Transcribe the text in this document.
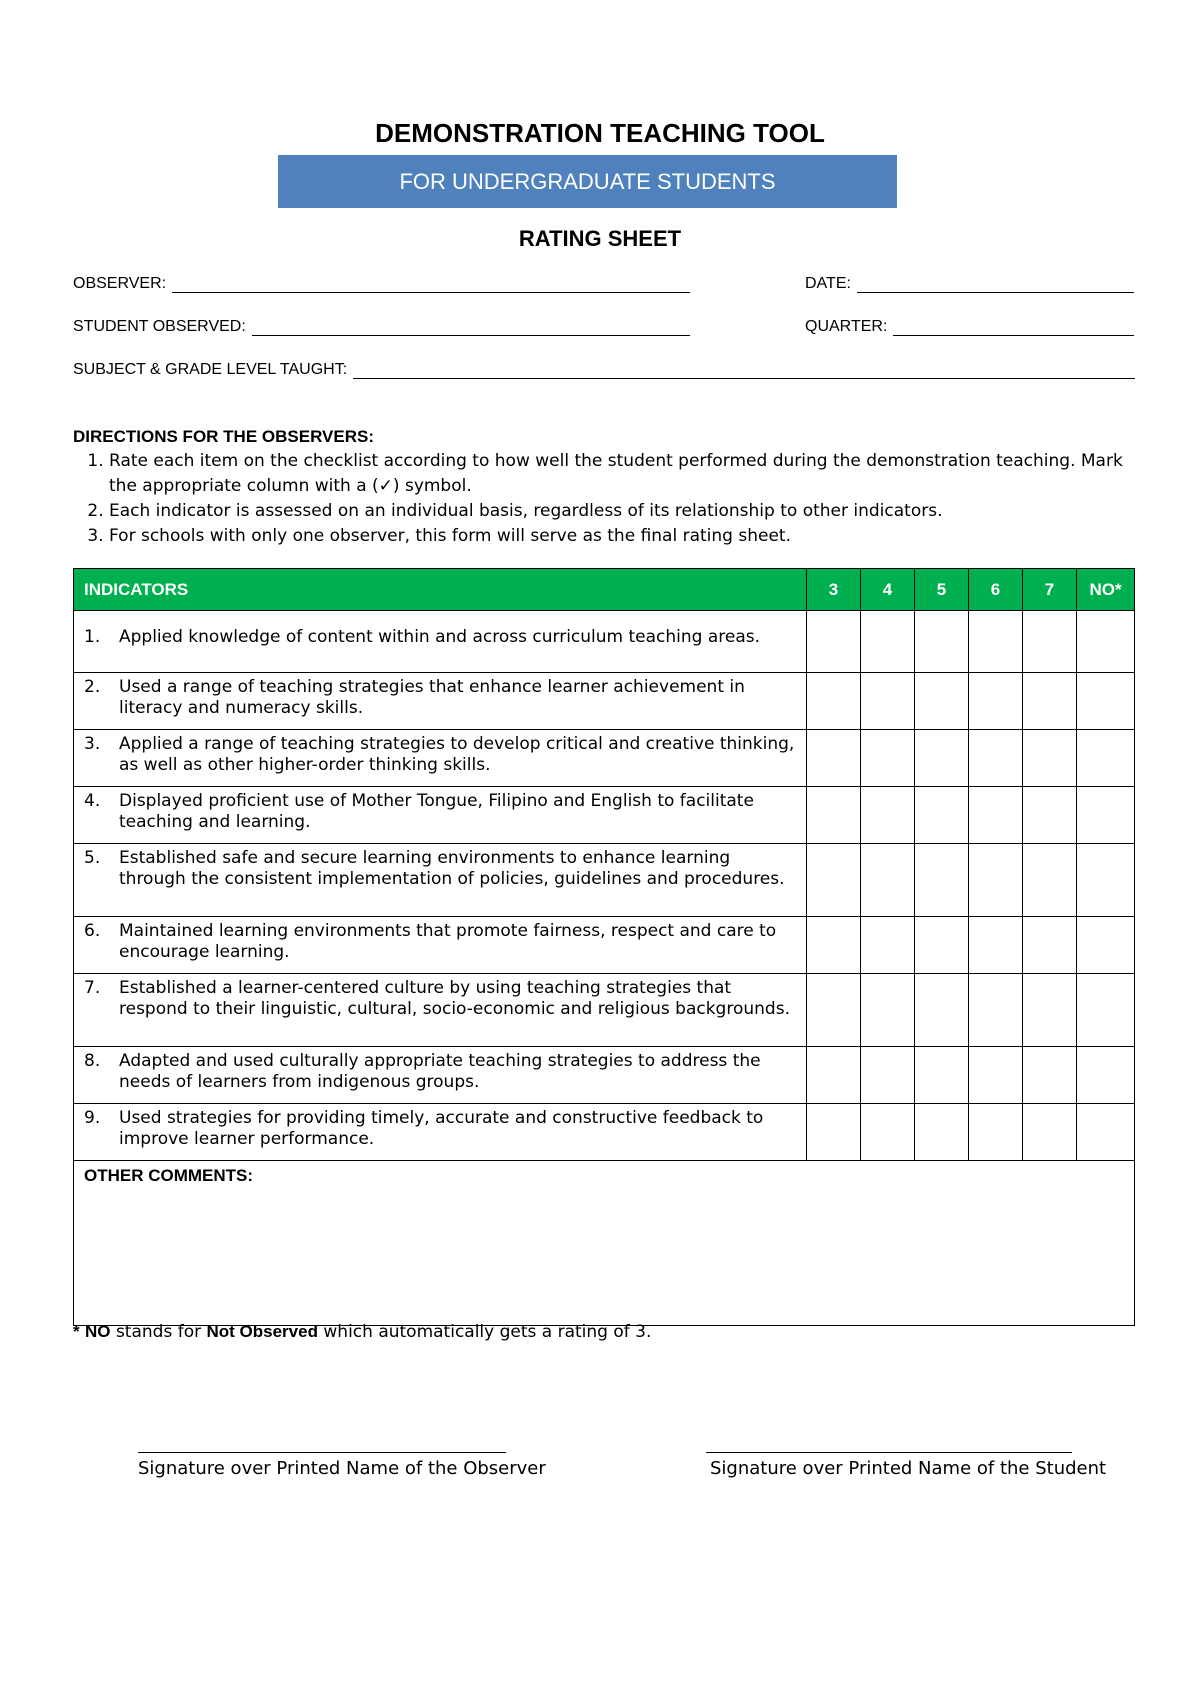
DEMONSTRATION TEACHING TOOL
FOR UNDERGRADUATE STUDENTS
RATING SHEET
OBSERVER:	DATE:
STUDENT OBSERVED:	QUARTER:
SUBJECT & GRADE LEVEL TAUGHT:
DIRECTIONS FOR THE OBSERVERS:
1. Rate each item on the checklist according to how well the student performed during the demonstration teaching. Mark the appropriate column with a (✓) symbol.
2. Each indicator is assessed on an individual basis, regardless of its relationship to other indicators.
3. For schools with only one observer, this form will serve as the final rating sheet.
INDICATORS	3	4	5	6	7	NO*

1. Applied knowledge of content within and across curriculum teaching areas.						

2. Used a range of teaching strategies that enhance learner achievement in literacy and numeracy skills.						

3. Applied a range of teaching strategies to develop critical and creative thinking, as well as other higher-order thinking skills.						

4. Displayed proficient use of Mother Tongue, Filipino and English to facilitate teaching and learning.						

5. Established safe and secure learning environments to enhance learning through the consistent implementation of policies, guidelines and procedures.						

6. Maintained learning environments that promote fairness, respect and care to encourage learning.						

7. Established a learner-centered culture by using teaching strategies that respond to their linguistic, cultural, socio-economic and religious backgrounds.						

8. Adapted and used culturally appropriate teaching strategies to address the needs of learners from indigenous groups.						

9. Used strategies for providing timely, accurate and constructive feedback to improve learner performance.						

OTHER COMMENTS:						
* NO stands for Not Observed which automatically gets a rating of 3.
Signature over Printed Name of the Observer	Signature over Printed Name of the Student
